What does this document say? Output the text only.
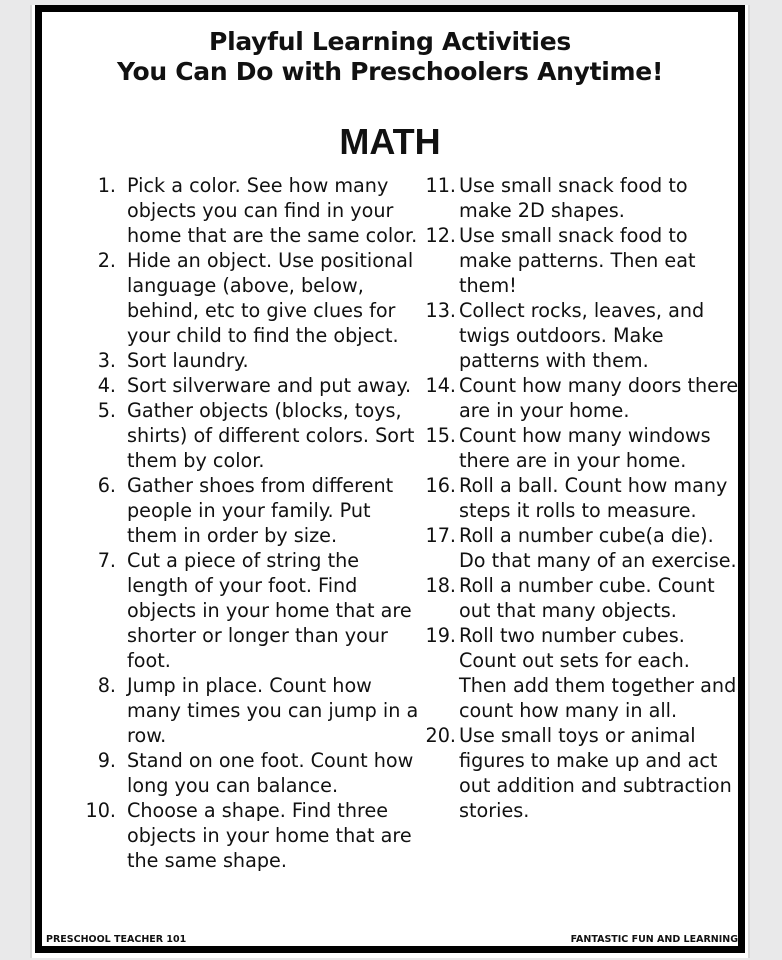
Playful Learning Activities
You Can Do with Preschoolers Anytime!
MATH
1. Pick a color. See how many objects you can find in your home that are the same color.
2. Hide an object. Use positional language (above, below, behind, etc to give clues for your child to find the object.
3. Sort laundry.
4. Sort silverware and put away.
5. Gather objects (blocks, toys, shirts) of different colors. Sort them by color.
6. Gather shoes from different people in your family. Put them in order by size.
7. Cut a piece of string the length of your foot. Find objects in your home that are shorter or longer than your foot.
8. Jump in place. Count how many times you can jump in a row.
9. Stand on one foot. Count how long you can balance.
10. Choose a shape. Find three objects in your home that are the same shape.
11. Use small snack food to make 2D shapes.
12. Use small snack food to make patterns. Then eat them!
13. Collect rocks, leaves, and twigs outdoors. Make patterns with them.
14. Count how many doors there are in your home.
15. Count how many windows there are in your home.
16. Roll a ball. Count how many steps it rolls to measure.
17. Roll a number cube(a die). Do that many of an exercise.
18. Roll a number cube. Count out that many objects.
19. Roll two number cubes. Count out sets for each. Then add them together and count how many in all.
20. Use small toys or animal figures to make up and act out addition and subtraction stories.
PRESCHOOL TEACHER 101	FANTASTIC FUN AND LEARNING
